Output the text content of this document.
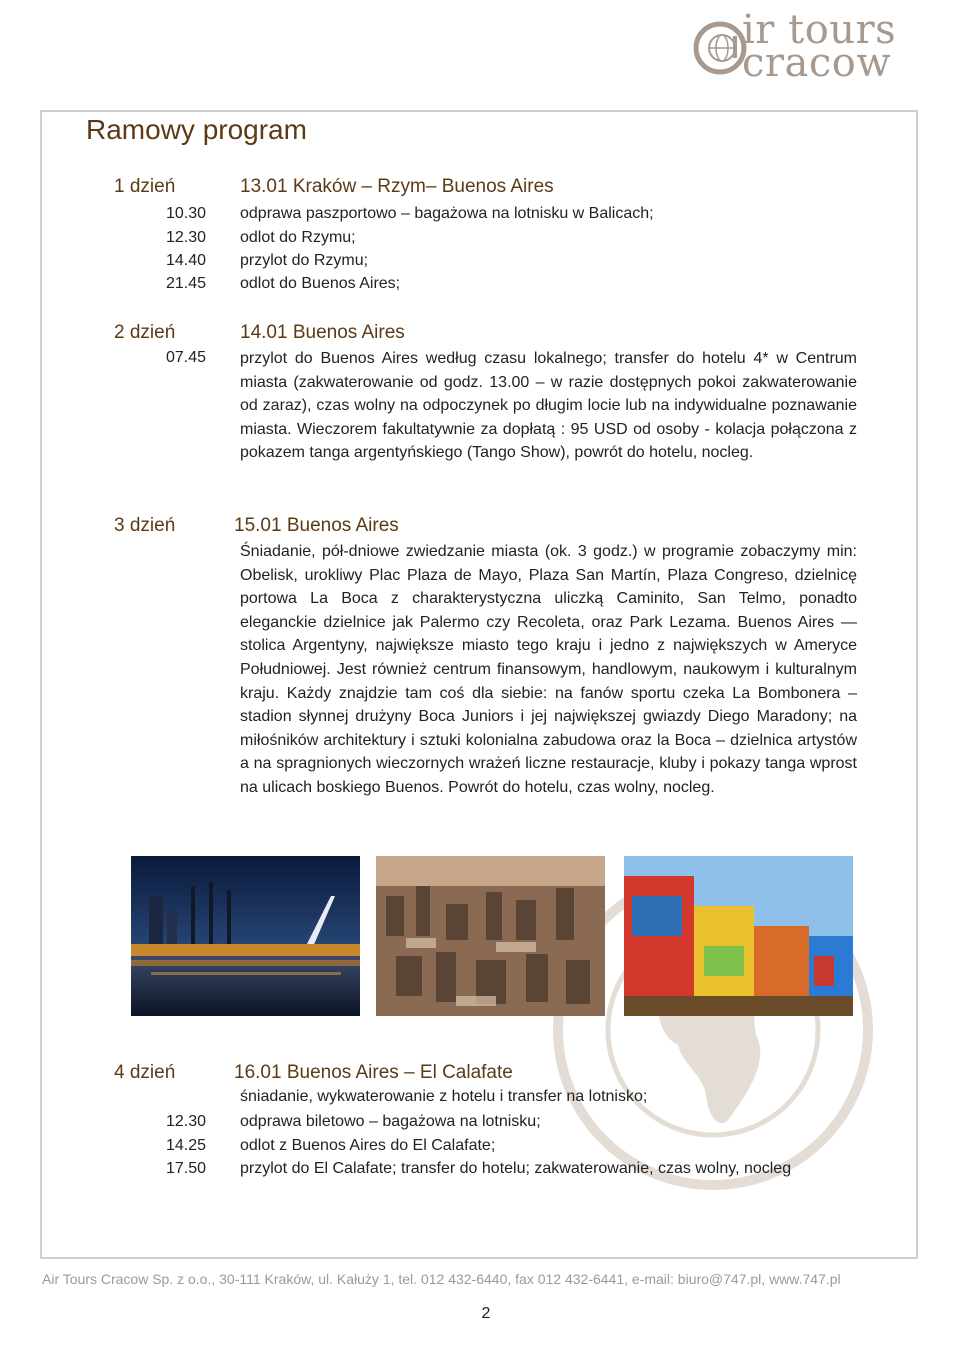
ir tours
cracow
Ramowy program
1 dzień	13.01 Kraków – Rzym– Buenos Aires
10.30 odprawa paszportowo – bagażowa na lotnisku w Balicach;
12.30 odlot do Rzymu;
14.40 przylot do Rzymu;
21.45 odlot do Buenos Aires;
2 dzień	14.01 Buenos Aires
07.45 przylot do Buenos Aires według czasu lokalnego; transfer do hotelu 4* w Centrum miasta (zakwaterowanie od godz. 13.00 – w razie dostępnych pokoi zakwaterowanie od zaraz), czas wolny na odpoczynek po długim locie lub na indywidualne poznawanie miasta. Wieczorem fakultatywnie za dopłatą : 95 USD od osoby - kolacja połączona z pokazem tanga argentyńskiego (Tango Show), powrót do hotelu, nocleg.
3 dzień	15.01 Buenos Aires
Śniadanie, pół-dniowe zwiedzanie miasta (ok. 3 godz.) w programie zobaczymy min: Obelisk, urokliwy Plac Plaza de Mayo, Plaza San Martín, Plaza Congreso, dzielnicę portowa La Boca z charakterystyczna uliczką Caminito, San Telmo, ponadto eleganckie dzielnice jak Palermo czy Recoleta, oraz Park Lezama. Buenos Aires — stolica Argentyny, największe miasto tego kraju i jedno z największych w Ameryce Południowej. Jest również centrum finansowym, handlowym, naukowym i kulturalnym kraju. Każdy znajdzie tam coś dla siebie: na fanów sportu czeka La Bombonera – stadion słynnej drużyny Boca Juniors i jej największej gwiazdy Diego Maradony; na miłośników architektury i sztuki kolonialna zabudowa oraz la Boca – dzielnica artystów a na spragnionych wieczornych wrażeń liczne restauracje, kluby i pokazy tanga wprost na ulicach boskiego Buenos. Powrót do hotelu, czas wolny, nocleg.
4 dzień	16.01 Buenos Aires – El Calafate
śniadanie, wykwaterowanie z hotelu i transfer na lotnisko;
12.30 odprawa biletowo – bagażowa na lotnisku;
14.25 odlot z Buenos Aires do El Calafate;
17.50 przylot do El Calafate; transfer do hotelu; zakwaterowanie, czas wolny, nocleg
Air Tours Cracow Sp. z o.o., 30-111 Kraków, ul. Kałuży 1, tel. 012 432-6440, fax 012 432-6441, e-mail: biuro@747.pl, www.747.pl
2
